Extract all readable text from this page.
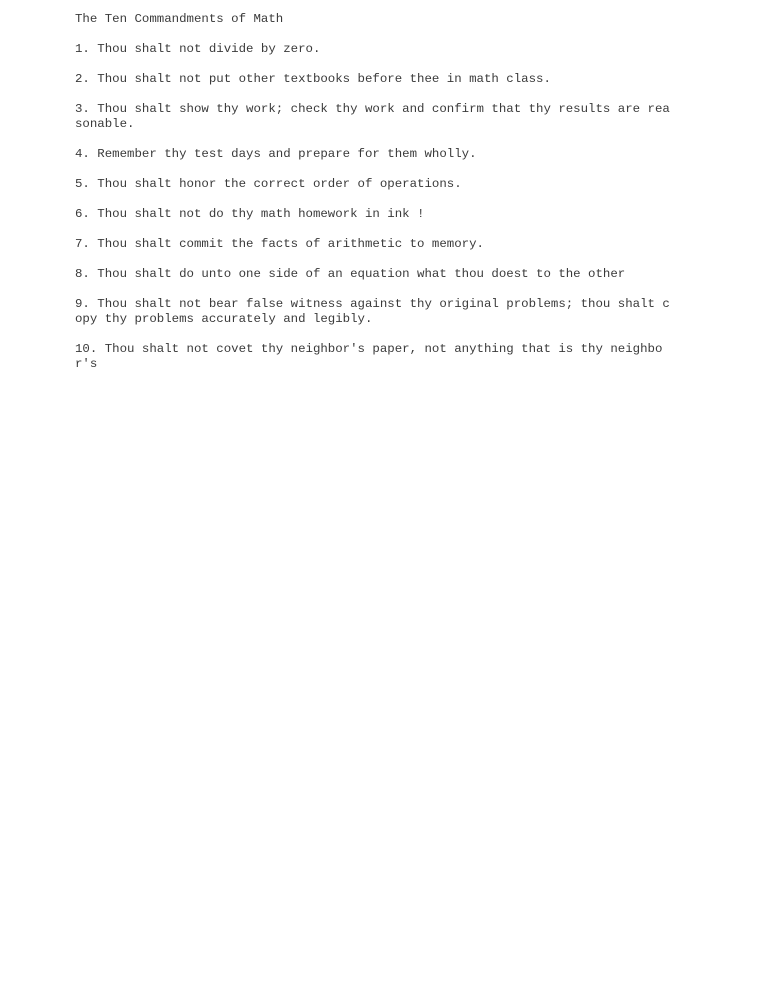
The Ten Commandments of Math
1. Thou shalt not divide by zero.
2. Thou shalt not put other textbooks before thee in math class.
3. Thou shalt show thy work; check thy work and confirm that thy results are reasonable.
4. Remember thy test days and prepare for them wholly.
5. Thou shalt honor the correct order of operations.
6. Thou shalt not do thy math homework in ink !
7. Thou shalt commit the facts of arithmetic to memory.
8. Thou shalt do unto one side of an equation what thou doest to the other
9. Thou shalt not bear false witness against thy original problems; thou shalt copy thy problems accurately and legibly.
10. Thou shalt not covet thy neighbor's paper, not anything that is thy neighbor's
